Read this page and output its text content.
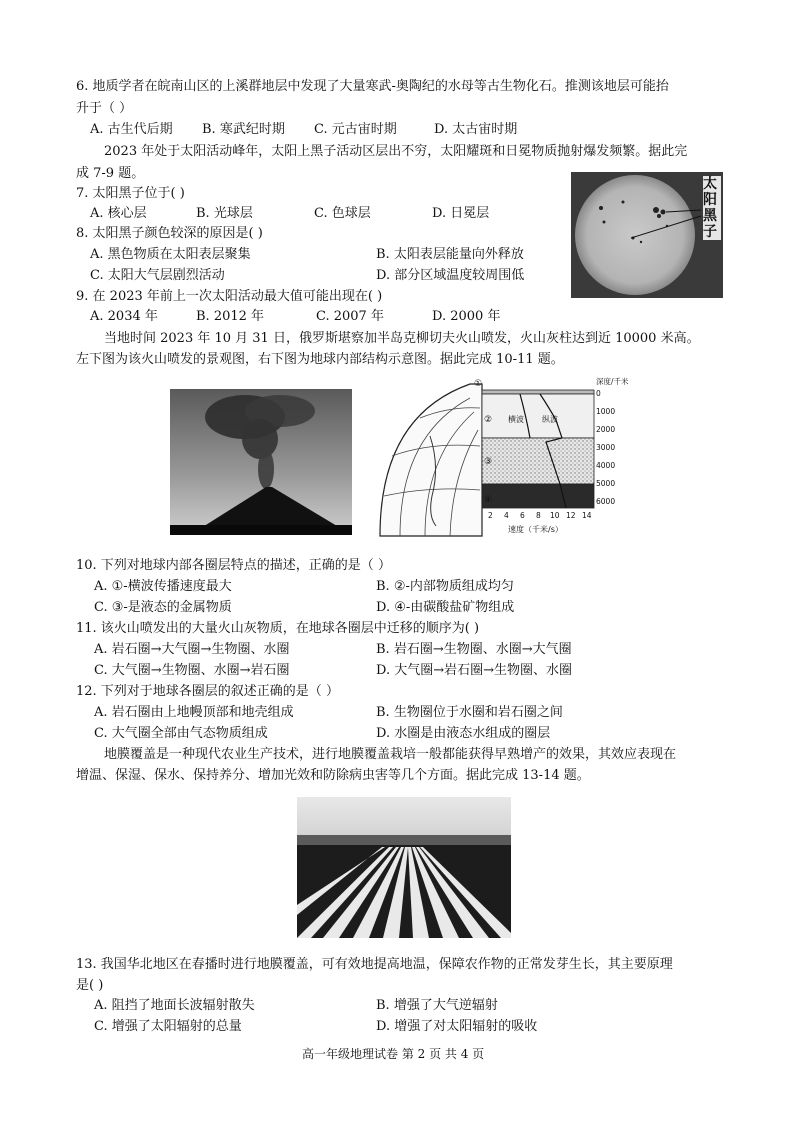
6. 地质学者在皖南山区的上溪群地层中发现了大量寒武-奥陶纪的水母等古生物化石。推测该地层可能抬
升于（ ）
A. 古生代后期 B. 寒武纪时期 C. 元古宙时期	D. 太古宙时期
2023 年处于太阳活动峰年，太阳上黑子活动区层出不穷，太阳耀斑和日冕物质抛射爆发频繁。据此完
成 7-9 题。
太阳黑子
7. 太阳黑子位于( )
A. 核心层	B. 光球层	C. 色球层	D. 日冕层
8. 太阳黑子颜色较深的原因是( )
A. 黑色物质在太阳表层聚集	B. 太阳表层能量向外释放
C. 太阳大气层剧烈活动	D. 部分区域温度较周围低
9. 在 2023 年前上一次太阳活动最大值可能出现在( )
A. 2034 年	B. 2012 年	C. 2007 年	D. 2000 年
当地时间 2023 年 10 月 31 日，俄罗斯堪察加半岛克柳切夫火山喷发，火山灰柱达到近 10000 米高。
左下图为该火山喷发的景观图，右下图为地球内部结构示意图。据此完成 10-11 题。
①
②
③
④
横波 纵波
深度/千米
0
1000
2000
3000
4000
5000
6000
2 4 6 8 10 12 14
速度（千米/s）
10. 下列对地球内部各圈层特点的描述，正确的是（ ）
A. ①-横波传播速度最大	B. ②-内部物质组成均匀
C. ③-是液态的金属物质	D. ④-由碳酸盐矿物组成
11. 该火山喷发出的大量火山灰物质，在地球各圈层中迁移的顺序为( )
A. 岩石圈→大气圈→生物圈、水圈	B. 岩石圈→生物圈、水圈→大气圈
C. 大气圈→生物圈、水圈→岩石圈	D. 大气圈→岩石圈→生物圈、水圈
12. 下列对于地球各圈层的叙述正确的是（ ）
A. 岩石圈由上地幔顶部和地壳组成	B. 生物圈位于水圈和岩石圈之间
C. 大气圈全部由气态物质组成	D. 水圈是由液态水组成的圈层
地膜覆盖是一种现代农业生产技术，进行地膜覆盖栽培一般都能获得早熟增产的效果，其效应表现在
增温、保湿、保水、保持养分、增加光效和防除病虫害等几个方面。据此完成 13-14 题。
13. 我国华北地区在春播时进行地膜覆盖，可有效地提高地温，保障农作物的正常发芽生长，其主要原理
是( )
A. 阻挡了地面长波辐射散失	B. 增强了大气逆辐射
C. 增强了太阳辐射的总量	D. 增强了对太阳辐射的吸收
高一年级地理试卷 第 2 页 共 4 页
